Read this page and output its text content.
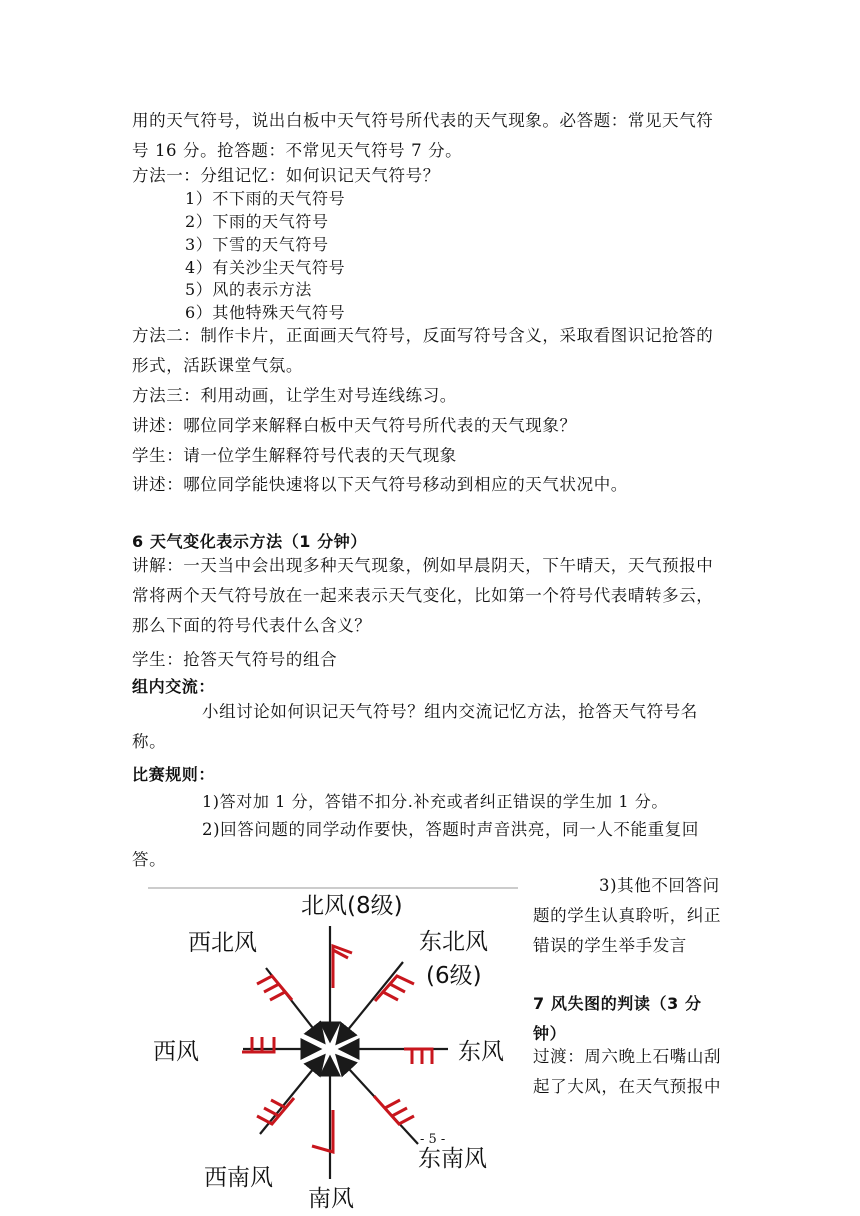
用的天气符号，说出白板中天气符号所代表的天气现象。必答题：常见天气符号 16 分。抢答题：不常见天气符号 7 分。
方法一：分组记忆：如何识记天气符号？
1）不下雨的天气符号
2）下雨的天气符号
3）下雪的天气符号
4）有关沙尘天气符号
5）风的表示方法
6）其他特殊天气符号
方法二：制作卡片，正面画天气符号，反面写符号含义，采取看图识记抢答的形式，活跃课堂气氛。
方法三：利用动画，让学生对号连线练习。
讲述：哪位同学来解释白板中天气符号所代表的天气现象？
学生：请一位学生解释符号代表的天气现象
讲述：哪位同学能快速将以下天气符号移动到相应的天气状况中。
6 天气变化表示方法（1 分钟）
讲解：一天当中会出现多种天气现象，例如早晨阴天，下午晴天，天气预报中常将两个天气符号放在一起来表示天气变化，比如第一个符号代表晴转多云，那么下面的符号代表什么含义？
学生：抢答天气符号的组合
组内交流：
小组讨论如何识记天气符号？组内交流记忆方法，抢答天气符号名称。
比赛规则：
1)答对加 1 分，答错不扣分.补充或者纠正错误的学生加 1 分。
2)回答问题的同学动作要快，答题时声音洪亮，同一人不能重复回答。
北风(8级)
东北风
(6级)
西北风
西风	东风
西南风
南风
东南风
3)其他不回答问题的学生认真聆听，纠正错误的学生举手发言
7 风失图的判读（3 分钟）
过渡：周六晚上石嘴山刮起了大风，在天气预报中
- 5 -
